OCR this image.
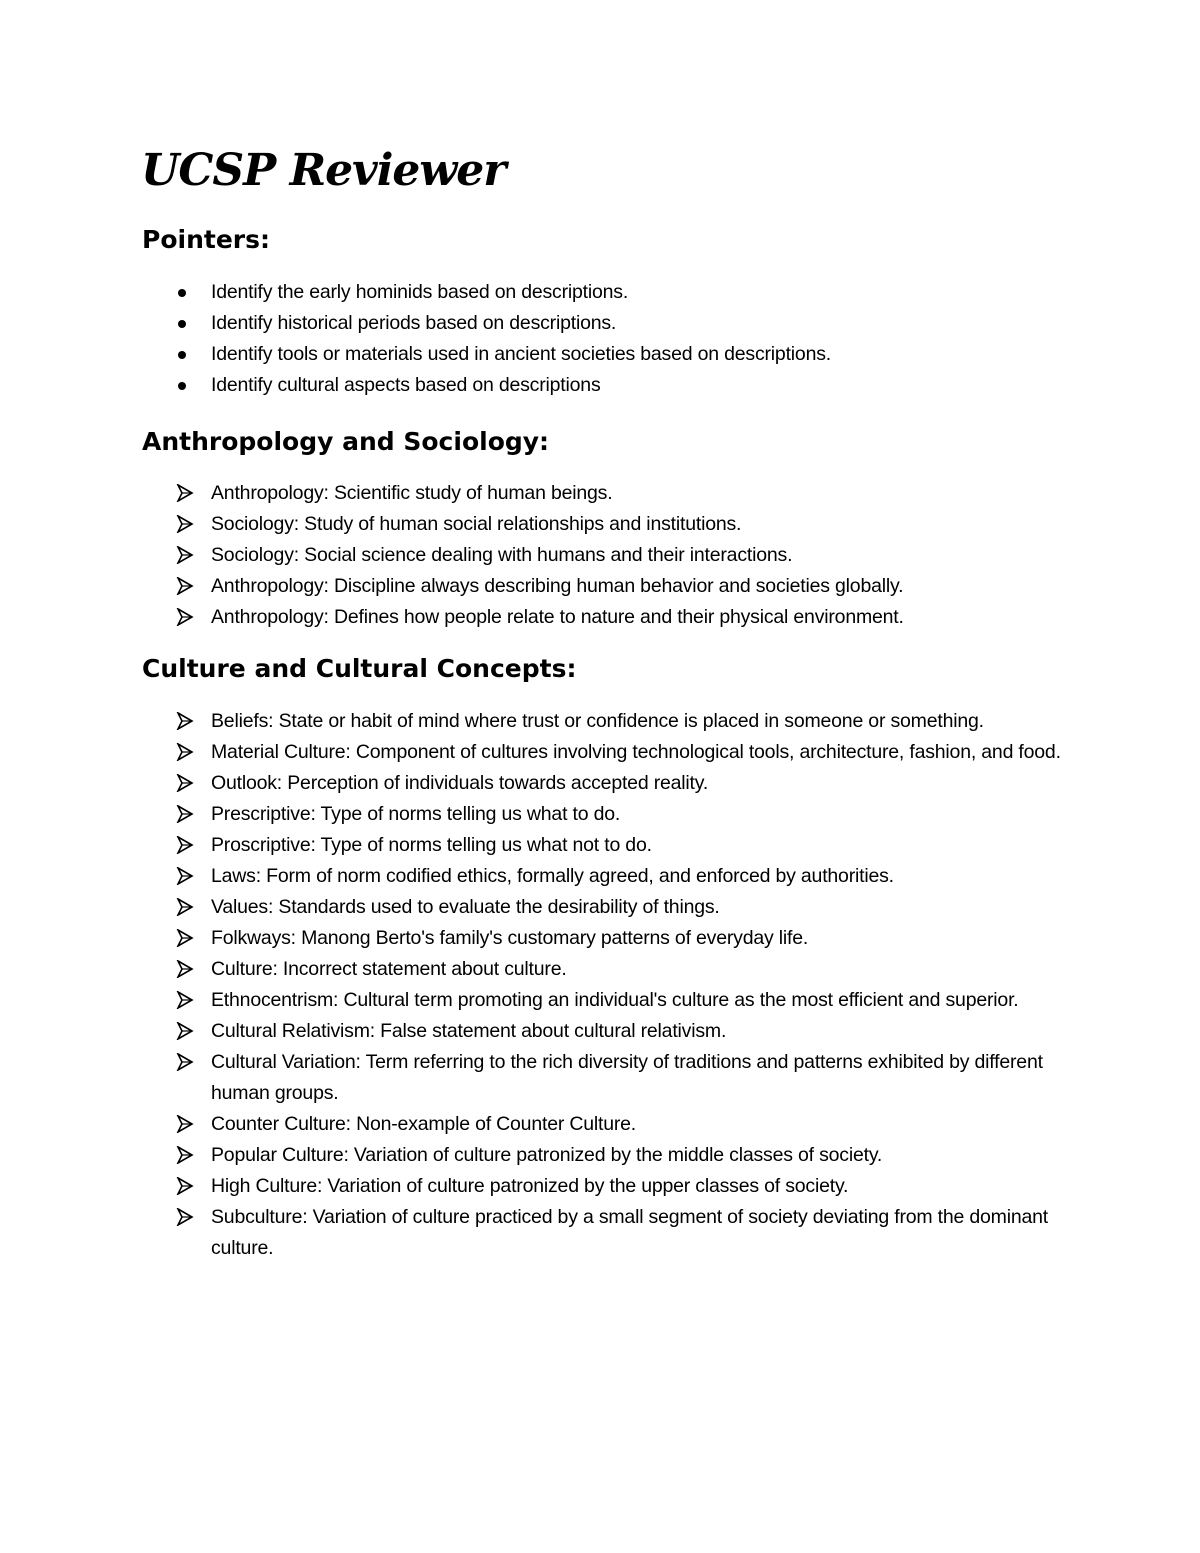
UCSP Reviewer
Pointers:
Identify the early hominids based on descriptions.
Identify historical periods based on descriptions.
Identify tools or materials used in ancient societies based on descriptions.
Identify cultural aspects based on descriptions
Anthropology and Sociology:
Anthropology: Scientific study of human beings.
Sociology: Study of human social relationships and institutions.
Sociology: Social science dealing with humans and their interactions.
Anthropology: Discipline always describing human behavior and societies globally.
Anthropology: Defines how people relate to nature and their physical environment.
Culture and Cultural Concepts:
Beliefs: State or habit of mind where trust or confidence is placed in someone or something.
Material Culture: Component of cultures involving technological tools, architecture, fashion, and food.
Outlook: Perception of individuals towards accepted reality.
Prescriptive: Type of norms telling us what to do.
Proscriptive: Type of norms telling us what not to do.
Laws: Form of norm codified ethics, formally agreed, and enforced by authorities.
Values: Standards used to evaluate the desirability of things.
Folkways: Manong Berto's family's customary patterns of everyday life.
Culture: Incorrect statement about culture.
Ethnocentrism: Cultural term promoting an individual's culture as the most efficient and superior.
Cultural Relativism: False statement about cultural relativism.
Cultural Variation: Term referring to the rich diversity of traditions and patterns exhibited by different human groups.
Counter Culture: Non-example of Counter Culture.
Popular Culture: Variation of culture patronized by the middle classes of society.
High Culture: Variation of culture patronized by the upper classes of society.
Subculture: Variation of culture practiced by a small segment of society deviating from the dominant culture.
